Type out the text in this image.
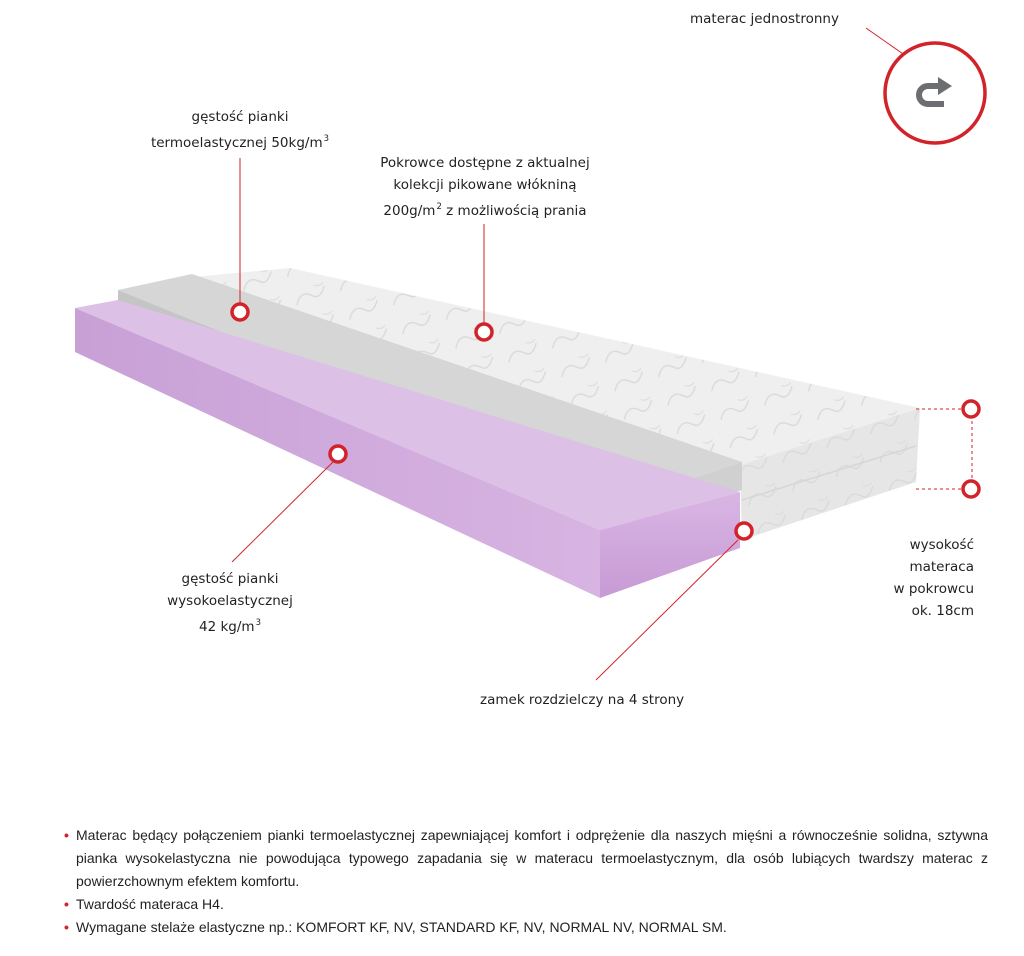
materac jednostronny
gęstość pianki
termoelastycznej $50kg/m^3$
Pokrowce dostępne z aktualnej
kolekcji pikowane włókniną
$200g/m^2$ z możliwością prania
gęstość pianki
wysokoelastycznej
42 $kg/m^3$
zamek rozdzielczy na 4 strony
wysokość
materaca
w pokrowcu
ok. 18cm
• Materac będący połączeniem pianki termoelastycznej zapewniającej komfort i odprężenie dla naszych mięśni a równocześnie solidna, sztywna pianka wysokelastyczna nie powodująca typowego zapadania się w materacu termoelastycznym, dla osób lubiących twardszy materac z powierzchownym efektem komfortu.
• Twardość materaca H4.
• Wymagane stelaże elastyczne np.: KOMFORT KF, NV, STANDARD KF, NV, NORMAL NV, NORMAL SM.
